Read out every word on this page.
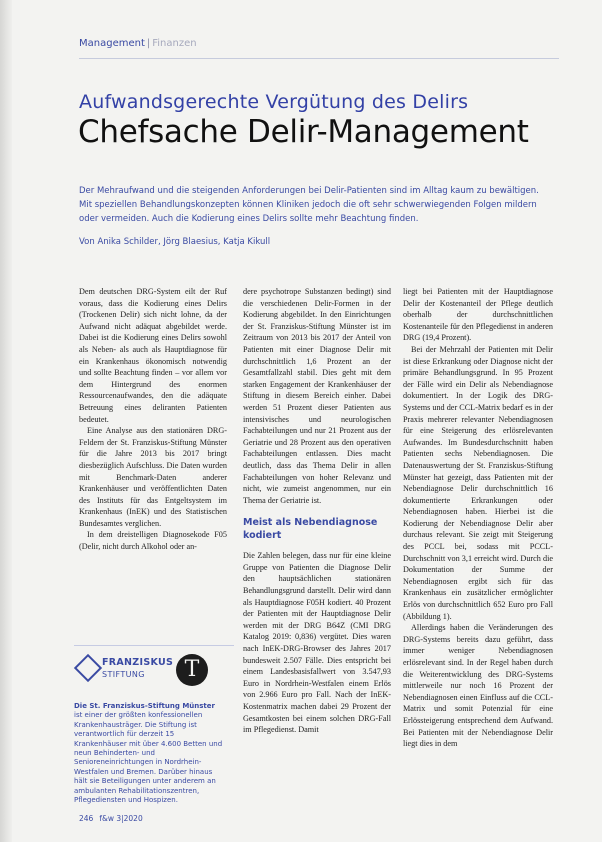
Management | Finanzen
Aufwandsgerechte Vergütung des Delirs
Chefsache Delir-Management
Der Mehraufwand und die steigenden Anforderungen bei Delir-Patienten sind im Alltag kaum zu bewältigen. Mit speziellen Behandlungskonzepten können Kliniken jedoch die oft sehr schwerwiegenden Folgen mildern oder vermeiden. Auch die Kodierung eines Delirs sollte mehr Beachtung finden.
Von Anika Schilder, Jörg Blaesius, Katja Kikull

Dem deutschen DRG-System eilt der Ruf voraus, dass die Kodierung eines Delirs (Trockenen Delir) sich nicht lohne, da der Aufwand nicht adäquat abgebildet werde. Dabei ist die Kodierung eines Delirs sowohl als Neben- als auch als Hauptdiagnose für ein Krankenhaus ökonomisch notwendig und sollte Beachtung finden – vor allem vor dem Hintergrund des enormen Ressourcenaufwandes, den die adäquate Betreuung eines deliranten Patienten bedeutet.

Eine Analyse aus den stationären DRG-Feldern der St. Franziskus-Stiftung Münster für die Jahre 2013 bis 2017 bringt diesbezüglich Aufschluss. Die Daten wurden mit Benchmark-Daten anderer Krankenhäuser und veröffentlichten Daten des Instituts für das Entgeltsystem im Krankenhaus (InEK) und des Statistischen Bundesamtes verglichen.

In dem dreistelligen Diagnosekode F05 (Delir, nicht durch Alkohol oder an-

dere psychotrope Substanzen bedingt) sind die verschiedenen Delir-Formen in der Kodierung abgebildet. In den Einrichtungen der St. Franziskus-Stiftung Münster ist im Zeitraum von 2013 bis 2017 der Anteil von Patienten mit einer Diagnose Delir mit durchschnittlich 1,6 Prozent an der Gesamtfallzahl stabil. Dies geht mit dem starken Engagement der Krankenhäuser der Stiftung in diesem Bereich einher. Dabei werden 51 Prozent dieser Patienten aus intensivisches und neurologischen Fachabteilungen und nur 21 Prozent aus der Geriatrie und 28 Prozent aus den operativen Fachabteilungen entlassen. Dies macht deutlich, dass das Thema Delir in allen Fachabteilungen von hoher Relevanz und nicht, wie zumeist angenommen, nur ein Thema der Geriatrie ist.

Meist als Nebendiagnose kodiert

Die Zahlen belegen, dass nur für eine kleine Gruppe von Patienten die Diagnose Delir den hauptsächlichen stationären Behandlungsgrund darstellt. Delir wird dann als Hauptdiagnose F05H kodiert. 40 Prozent der Patienten mit der Hauptdiagnose Delir werden mit der DRG B64Z (CMI DRG Katalog 2019: 0,836) vergütet. Dies waren nach InEK-DRG-Browser des Jahres 2017 bundesweit 2.507 Fälle. Dies entspricht bei einem Landesbasisfallwert von 3.547,93 Euro in Nordrhein-Westfalen einem Erlös von 2.966 Euro pro Fall. Nach der InEK-Kostenmatrix machen dabei 29 Prozent der Gesamtkosten bei einem solchen DRG-Fall im Pflegedienst. Damit

liegt bei Patienten mit der Hauptdiagnose Delir der Kostenanteil der Pflege deutlich oberhalb der durchschnittlichen Kostenanteile für den Pflegedienst in anderen DRG (19,4 Prozent).

Bei der Mehrzahl der Patienten mit Delir ist diese Erkrankung oder Diagnose nicht der primäre Behandlungsgrund. In 95 Prozent der Fälle wird ein Delir als Nebendiagnose dokumentiert. In der Logik des DRG-Systems und der CCL-Matrix bedarf es in der Praxis mehrerer relevanter Nebendiagnosen für eine Steigerung des erlösrelevanten Aufwandes. Im Bundesdurchschnitt haben Patienten sechs Nebendiagnosen. Die Datenauswertung der St. Franziskus-Stiftung Münster hat gezeigt, dass Patienten mit der Nebendiagnose Delir durchschnittlich 16 dokumentierte Erkrankungen oder Nebendiagnosen haben. Hierbei ist die Kodierung der Nebendiagnose Delir aber durchaus relevant. Sie zeigt mit Steigerung des PCCL bei, sodass mit PCCL-Durchschnitt von 3,1 erreicht wird. Durch die Dokumentation der Summe der Nebendiagnosen ergibt sich für das Krankenhaus ein zusätzlicher ermöglichter Erlös von durchschnittlich 652 Euro pro Fall (Abbildung 1).

Allerdings haben die Veränderungen des DRG-Systems bereits dazu geführt, dass immer weniger Nebendiagnosen erlösrelevant sind. In der Regel haben durch die Weiterentwicklung des DRG-Systems mittlerweile nur noch 16 Prozent der Nebendiagnosen einen Einfluss auf die CCL-Matrix und somit Potenzial für eine Erlössteigerung entsprechend dem Aufwand. Bei Patienten mit der Nebendiagnose Delir liegt dies in dem

FRANZISKUS
STIFTUNG	T
Die St. Franziskus-Stiftung Münster ist einer der größten konfessionellen Krankenhausträger. Die Stiftung ist verantwortlich für derzeit 15 Krankenhäuser mit über 4.600 Betten und neun Behinderten- und Senioreneinrichtungen in Nordrhein-Westfalen und Bremen. Darüber hinaus hält sie Beteiligungen unter anderem an ambulanten Rehabilitationszentren, Pflegediensten und Hospizen.
246 f&w 3|2020
